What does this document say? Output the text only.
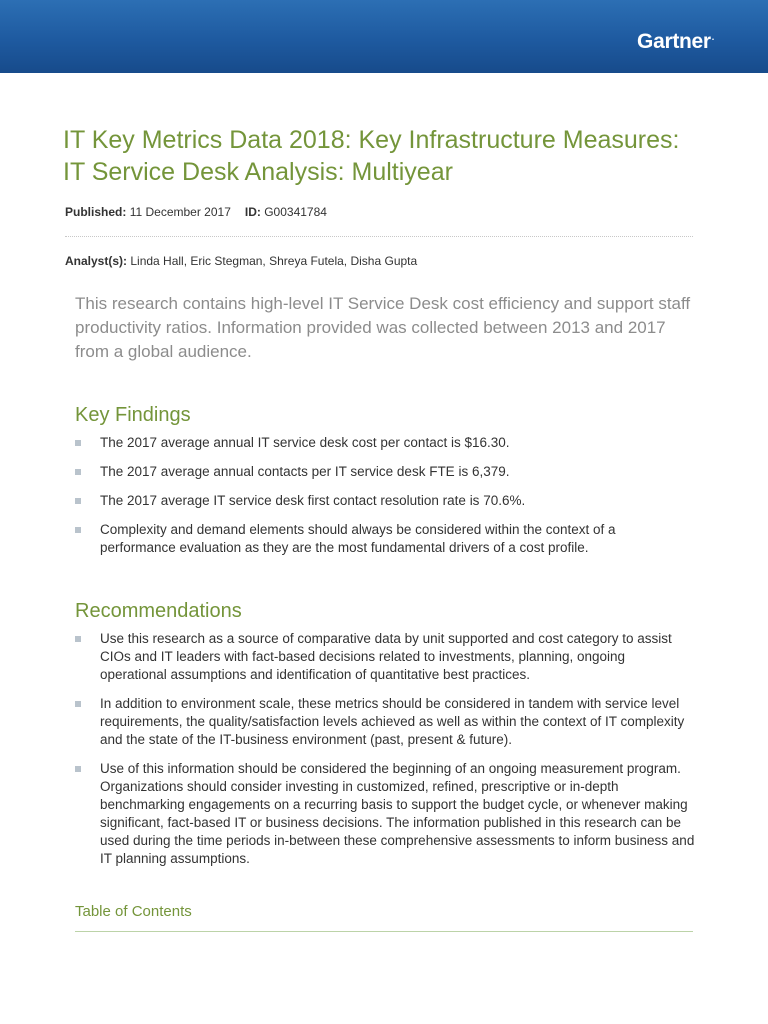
Gartner.
IT Key Metrics Data 2018: Key Infrastructure Measures: IT Service Desk Analysis: Multiyear
Published: 11 December 2017 ID: G00341784
Analyst(s): Linda Hall, Eric Stegman, Shreya Futela, Disha Gupta

This research contains high-level IT Service Desk cost efficiency and support staff productivity ratios. Information provided was collected between 2013 and 2017 from a global audience.

Key Findings
The 2017 average annual IT service desk cost per contact is $16.30.
The 2017 average annual contacts per IT service desk FTE is 6,379.
The 2017 average IT service desk first contact resolution rate is 70.6%.
Complexity and demand elements should always be considered within the context of a performance evaluation as they are the most fundamental drivers of a cost profile.
Recommendations
Use this research as a source of comparative data by unit supported and cost category to assist CIOs and IT leaders with fact-based decisions related to investments, planning, ongoing operational assumptions and identification of quantitative best practices.
In addition to environment scale, these metrics should be considered in tandem with service level requirements, the quality/satisfaction levels achieved as well as within the context of IT complexity and the state of the IT-business environment (past, present & future).
Use of this information should be considered the beginning of an ongoing measurement program. Organizations should consider investing in customized, refined, prescriptive or in-depth benchmarking engagements on a recurring basis to support the budget cycle, or whenever making significant, fact-based IT or business decisions. The information published in this research can be used during the time periods in-between these comprehensive assessments to inform business and IT planning assumptions.
Table of Contents
